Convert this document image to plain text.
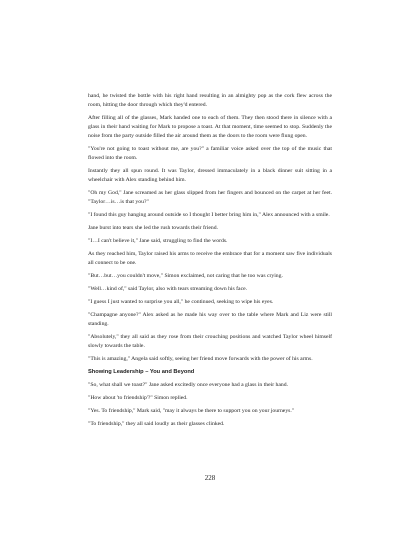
hand, he twisted the bottle with his right hand resulting in an almighty pop as the cork flew across the room, hitting the door through which they'd entered.

After filling all of the glasses, Mark handed one to each of them. They then stood there in silence with a glass in their hand waiting for Mark to propose a toast. At that moment, time seemed to stop. Suddenly the noise from the party outside filled the air around them as the doors to the room were flung open.

"You're not going to toast without me, are you?" a familiar voice asked over the top of the music that flowed into the room.

Instantly they all spun round. It was Taylor, dressed immaculately in a black dinner suit sitting in a wheelchair with Alex standing behind him.

"Oh my God," Jane screamed as her glass slipped from her fingers and bounced on the carpet at her feet. "Taylor…is…is that you?"

"I found this guy hanging around outside so I thought I better bring him in," Alex announced with a smile.

Jane burst into tears she led the rush towards their friend.

"I…I can't believe it," Jane said, struggling to find the words.

As they reached him, Taylor raised his arms to receive the embrace that for a moment saw five individuals all connect to be one.

"But…but…you couldn't move," Simon exclaimed, not caring that he too was crying.

"Well…kind of," said Taylor, also with tears streaming down his face.

"I guess I just wanted to surprise you all," he continued, seeking to wipe his eyes.

"Champagne anyone?" Alex asked as he made his way over to the table where Mark and Liz were still standing.

"Absolutely," they all said as they rose from their crouching positions and watched Taylor wheel himself slowly towards the table.

"This is amazing," Angela said softly, seeing her friend move forwards with the power of his arms.

Showing Leadership – You and Beyond

"So, what shall we toast?" Jane asked excitedly once everyone had a glass in their hand.

"How about 'to friendship'?" Simon replied.

"Yes. To friendship," Mark said, "may it always be there to support you on your journeys."

"To friendship," they all said loudly as their glasses clinked.

228
